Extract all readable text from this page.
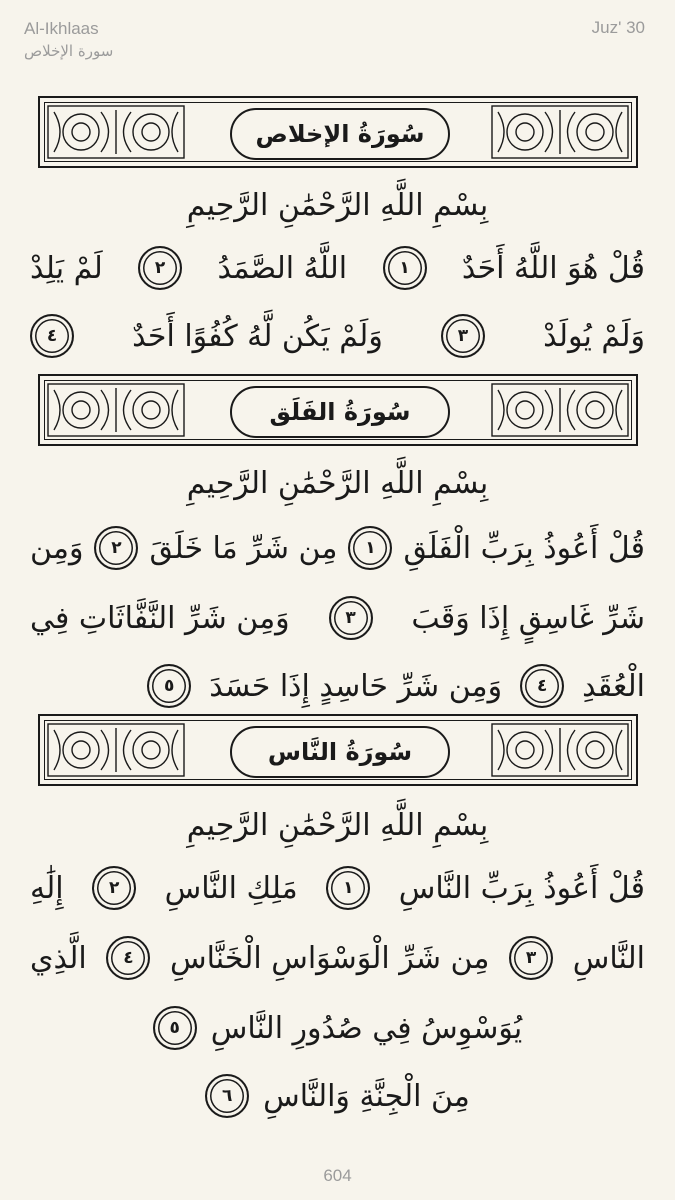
Al-Ikhlaas
سورة الإخلاص
Juz' 30
سُورَةُ الإخلاص
بِسْمِ اللَّهِ الرَّحْمَٰنِ الرَّحِيمِ
قُلْ هُوَ اللَّهُ أَحَدٌ
١
اللَّهُ الصَّمَدُ
٢
لَمْ يَلِدْ
وَلَمْ يُولَدْ
٣
وَلَمْ يَكُن لَّهُ كُفُوًا أَحَدٌ
٤
سُورَةُ الفَلَق
بِسْمِ اللَّهِ الرَّحْمَٰنِ الرَّحِيمِ
قُلْ أَعُوذُ بِرَبِّ الْفَلَقِ
١
مِن شَرِّ مَا خَلَقَ
٢
وَمِن
شَرِّ غَاسِقٍ إِذَا وَقَبَ
٣
وَمِن شَرِّ النَّفَّاثَاتِ فِي
الْعُقَدِ
٤
وَمِن شَرِّ حَاسِدٍ إِذَا حَسَدَ
٥
سُورَةُ النَّاس
بِسْمِ اللَّهِ الرَّحْمَٰنِ الرَّحِيمِ
قُلْ أَعُوذُ بِرَبِّ النَّاسِ
١
مَلِكِ النَّاسِ
٢
إِلَٰهِ
النَّاسِ
٣
مِن شَرِّ الْوَسْوَاسِ الْخَنَّاسِ
٤
الَّذِي
يُوَسْوِسُ فِي صُدُورِ النَّاسِ
٥
مِنَ الْجِنَّةِ وَالنَّاسِ
٦
604
